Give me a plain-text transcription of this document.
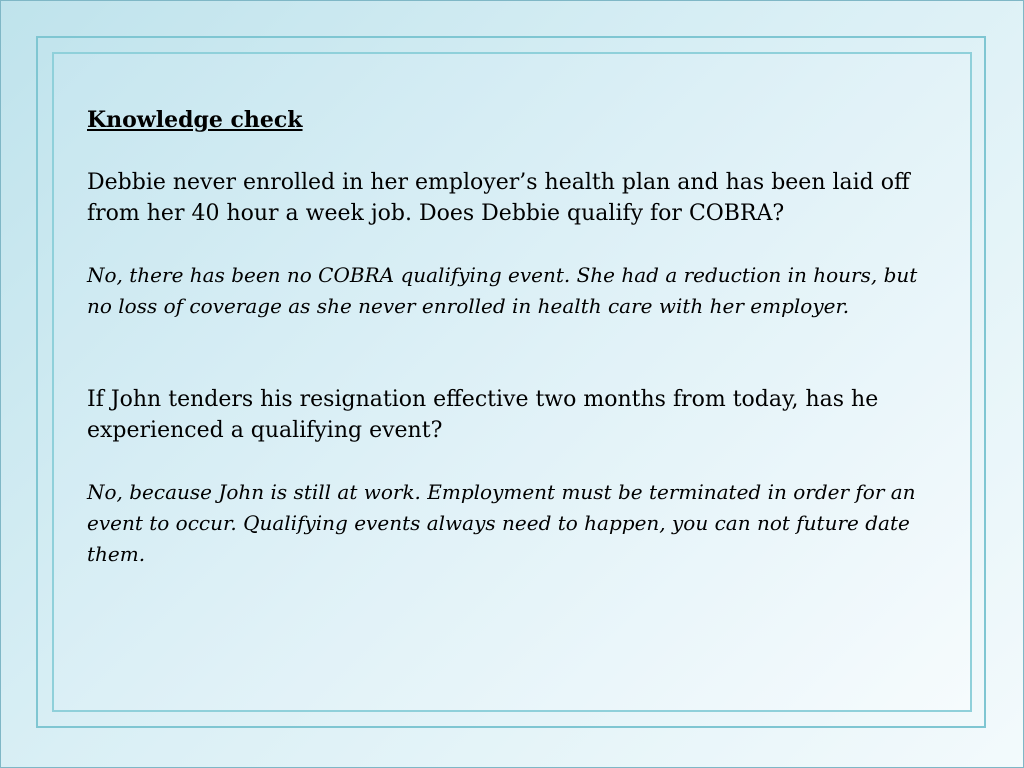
Knowledge check

Debbie never enrolled in her employer’s health plan and has been laid off from her 40 hour a week job. Does Debbie qualify for COBRA?

No, there has been no COBRA qualifying event. She had a reduction in hours, but no loss of coverage as she never enrolled in health care with her employer.

If John tenders his resignation effective two months from today, has he experienced a qualifying event?

No, because John is still at work. Employment must be terminated in order for an event to occur. Qualifying events always need to happen, you can not future date them.
